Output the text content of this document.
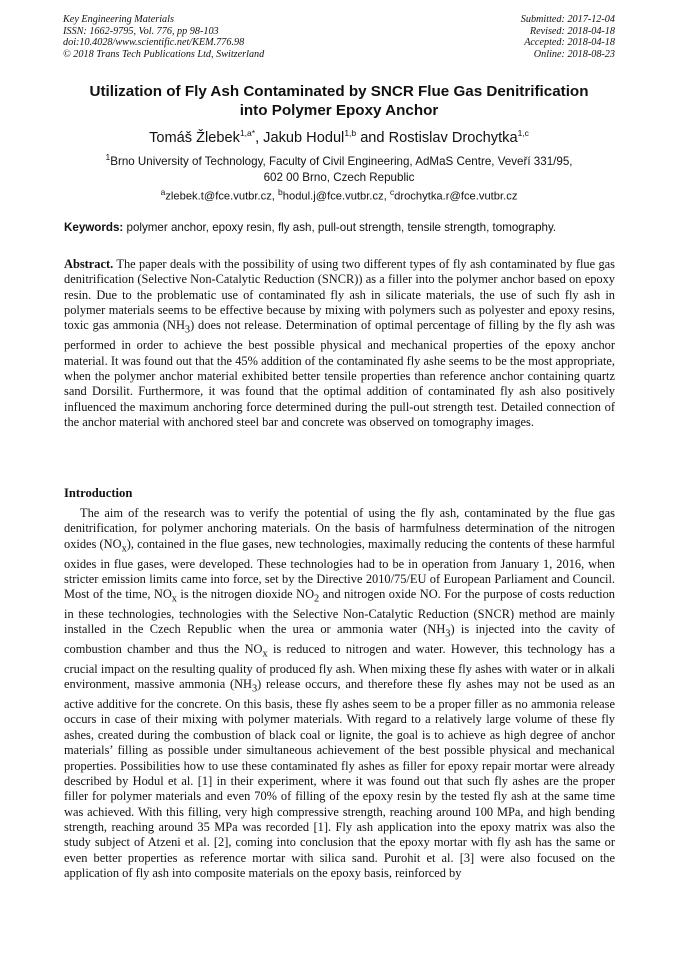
Key Engineering Materials
ISSN: 1662-9795, Vol. 776, pp 98-103
doi:10.4028/www.scientific.net/KEM.776.98
© 2018 Trans Tech Publications Ltd, Switzerland
Submitted: 2017-12-04
Revised: 2018-04-18
Accepted: 2018-04-18
Online: 2018-08-23
Utilization of Fly Ash Contaminated by SNCR Flue Gas Denitrification
into Polymer Epoxy Anchor
Tomáš Žlebek$^{1,a*}$, Jakub Hodul$^{1,b}$ and Rostislav Drochytka$^{1,c}$
$^1$Brno University of Technology, Faculty of Civil Engineering, AdMaS Centre, Veveří 331/95,
602 00 Brno, Czech Republic
$^a$zlebek.t@fce.vutbr.cz, $^b$hodul.j@fce.vutbr.cz, $^c$drochytka.r@fce.vutbr.cz
Keywords: polymer anchor, epoxy resin, fly ash, pull-out strength, tensile strength, tomography.
Abstract. The paper deals with the possibility of using two different types of fly ash contaminated by flue gas denitrification (Selective Non-Catalytic Reduction (SNCR)) as a filler into the polymer anchor based on epoxy resin. Due to the problematic use of contaminated fly ash in silicate materials, the use of such fly ash in polymer materials seems to be effective because by mixing with polymers such as polyester and epoxy resins, toxic gas ammonia $(NH_3)$ does not release. Determination of optimal percentage of filling by the fly ash was performed in order to achieve the best possible physical and mechanical properties of the epoxy anchor material. It was found out that the 45% addition of the contaminated fly ashe seems to be the most appropriate, when the polymer anchor material exhibited better tensile properties than reference anchor containing quartz sand Dorsilit. Furthermore, it was found that the optimal addition of contaminated fly ash also positively influenced the maximum anchoring force determined during the pull-out strength test. Detailed connection of the anchor material with anchored steel bar and concrete was observed on tomography images.
Introduction
The aim of the research was to verify the potential of using the fly ash, contaminated by the flue gas denitrification, for polymer anchoring materials. On the basis of harmfulness determination of the nitrogen oxides $(NO_x)$, contained in the flue gases, new technologies, maximally reducing the contents of these harmful oxides in flue gases, were developed. These technologies had to be in operation from January 1, 2016, when stricter emission limits came into force, set by the Directive 2010/75/EU of European Parliament and Council. Most of the time, $NO_x$ is the nitrogen dioxide $NO_2$ and nitrogen oxide NO. For the purpose of costs reduction in these technologies, technologies with the Selective Non-Catalytic Reduction (SNCR) method are mainly installed in the Czech Republic when the urea or ammonia water $(NH_3)$ is injected into the cavity of combustion chamber and thus the $NO_x$ is reduced to nitrogen and water. However, this technology has a crucial impact on the resulting quality of produced fly ash. When mixing these fly ashes with water or in alkali environment, massive ammonia $(NH_3)$ release occurs, and therefore these fly ashes may not be used as an active additive for the concrete. On this basis, these fly ashes seem to be a proper filler as no ammonia release occurs in case of their mixing with polymer materials. With regard to a relatively large volume of these fly ashes, created during the combustion of black coal or lignite, the goal is to achieve as high degree of anchor materials’ filling as possible under simultaneous achievement of the best possible physical and mechanical properties. Possibilities how to use these contaminated fly ashes as filler for epoxy repair mortar were already described by Hodul et al. [1] in their experiment, where it was found out that such fly ashes are the proper filler for polymer materials and even 70% of filling of the epoxy resin by the tested fly ash at the same time was achieved. With this filling, very high compressive strength, reaching around 100 MPa, and high bending strength, reaching around 35 MPa was recorded [1]. Fly ash application into the epoxy matrix was also the study subject of Atzeni et al. [2], coming into conclusion that the epoxy mortar with fly ash has the same or even better properties as reference mortar with silica sand. Purohit et al. [3] were also focused on the application of fly ash into composite materials on the epoxy basis, reinforced by
